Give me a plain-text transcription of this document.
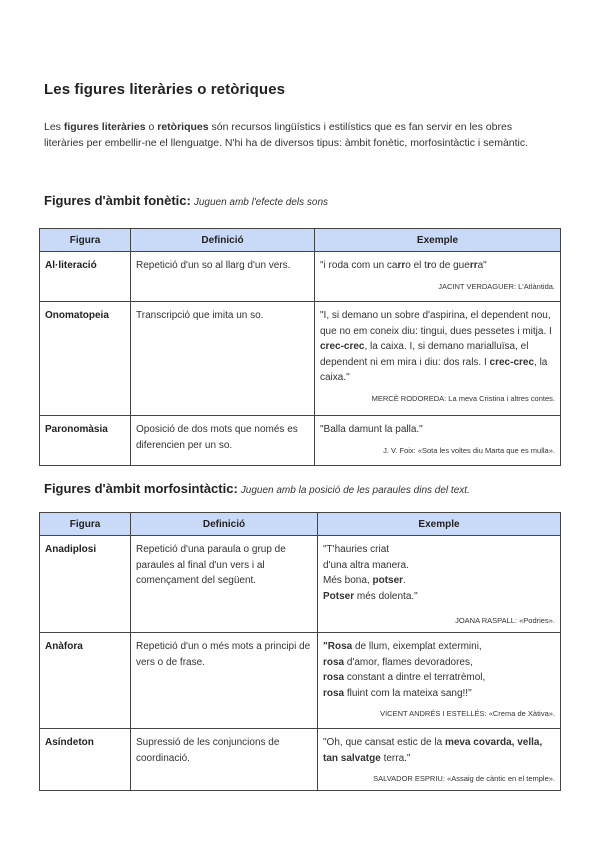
Les figures literàries o retòriques
Les figures literàries o retòriques són recursos lingüístics i estilístics que es fan servir en les obres literàries per embellir-ne el llenguatge. N'hi ha de diversos tipus: àmbit fonètic, morfosintàctic i semàntic.
Figures d'àmbit fonètic: Juguen amb l'efecte dels sons
Figura	Definició	Exemple
Al·literació	Repetició d'un so al llarg d'un vers.	"i roda com un carro el tro de guerra"
JACINT VERDAGUER: L'Atlàntida.

Onomatopeia	Transcripció que imita un so.	"I, si demano un sobre d'aspirina, el dependent nou, que no em coneix diu: tingui, dues pessetes i mitja. I crec-crec, la caixa. I, si demano marialluïsa, el dependent ni em mira i diu: dos rals. I crec-crec, la caixa."
MERCÈ RODOREDA: La meva Cristina i altres contes.

Paronomàsia	Oposició de dos mots que només es diferencien per un so.	"Balla damunt la palla."
J. V. Foix: «Sota les voltes diu Marta que es mulla».
Figures d'àmbit morfosintàctic: Juguen amb la posició de les paraules dins del text.
Figura	Definició	Exemple
Anadiplosi	Repetició d'una paraula o grup de paraules al final d'un vers i al començament del següent.	"T'hauries criat
d'una altra manera.
Més bona, potser.
Potser més dolenta."
JOANA RASPALL: «Podries».

Anàfora	Repetició d'un o més mots a principi de vers o de frase.	"Rosa de llum, eixemplat extermini,
rosa d'amor, flames devoradores,
rosa constant a dintre el terratrèmol,
rosa fluint com la mateixa sang!!"
VICENT ANDRÉS I ESTELLÉS: «Crema de Xàtiva».

Asíndeton	Supressió de les conjuncions de coordinació.	"Oh, que cansat estic de la meva covarda, vella, tan salvatge terra."
SALVADOR ESPRIU: «Assaig de càntic en el temple».
